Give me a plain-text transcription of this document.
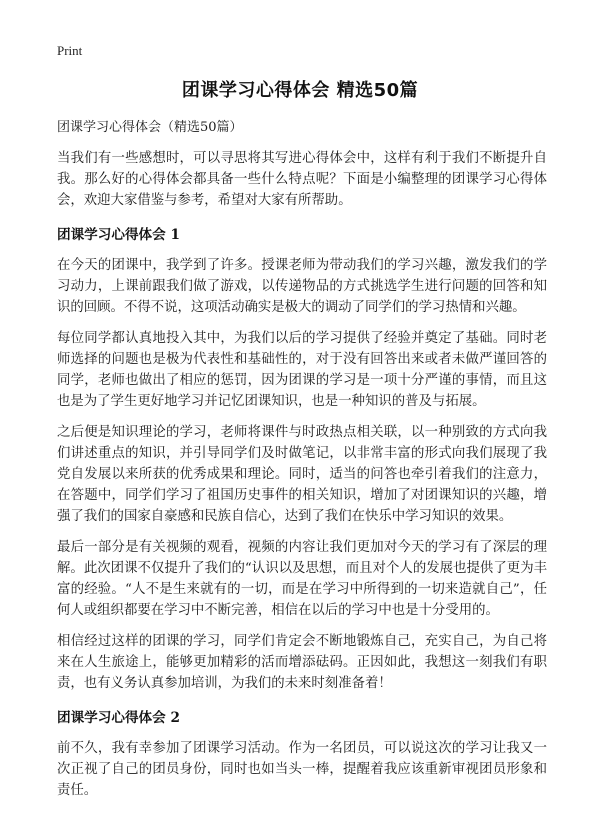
Print
团课学习心得体会 精选50篇
团课学习心得体会（精选50篇）

当我们有一些感想时，可以寻思将其写进心得体会中，这样有利于我们不断提升自我。那么好的心得体会都具备一些什么特点呢？下面是小编整理的团课学习心得体会，欢迎大家借鉴与参考，希望对大家有所帮助。

团课学习心得体会 1

在今天的团课中，我学到了许多。授课老师为带动我们的学习兴趣，激发我们的学习动力，上课前跟我们做了游戏，以传递物品的方式挑选学生进行问题的回答和知识的回顾。不得不说，这项活动确实是极大的调动了同学们的学习热情和兴趣。

每位同学都认真地投入其中，为我们以后的学习提供了经验并奠定了基础。同时老师选择的问题也是极为代表性和基础性的，对于没有回答出来或者未做严谨回答的同学，老师也做出了相应的惩罚，因为团课的学习是一项十分严谨的事情，而且这也是为了学生更好地学习并记忆团课知识，也是一种知识的普及与拓展。

之后便是知识理论的学习，老师将课件与时政热点相关联，以一种别致的方式向我们讲述重点的知识，并引导同学们及时做笔记，以非常丰富的形式向我们展现了我党自发展以来所获的优秀成果和理论。同时，适当的问答也牵引着我们的注意力，在答题中，同学们学习了祖国历史事件的相关知识，增加了对团课知识的兴趣，增强了我们的国家自豪感和民族自信心，达到了我们在快乐中学习知识的效果。

最后一部分是有关视频的观看，视频的内容让我们更加对今天的学习有了深层的理解。此次团课不仅提升了我们的“认识以及思想，而且对个人的发展也提供了更为丰富的经验。“人不是生来就有的一切，而是在学习中所得到的一切来造就自己”，任何人或组织都要在学习中不断完善，相信在以后的学习中也是十分受用的。

相信经过这样的团课的学习，同学们肯定会不断地锻炼自己，充实自己，为自己将来在人生旅途上，能够更加精彩的活而增添砝码。正因如此，我想这一刻我们有职责，也有义务认真参加培训，为我们的未来时刻准备着！

团课学习心得体会 2

前不久，我有幸参加了团课学习活动。作为一名团员，可以说这次的学习让我又一次正视了自己的团员身份，同时也如当头一棒，提醒着我应该重新审视团员形象和责任。
